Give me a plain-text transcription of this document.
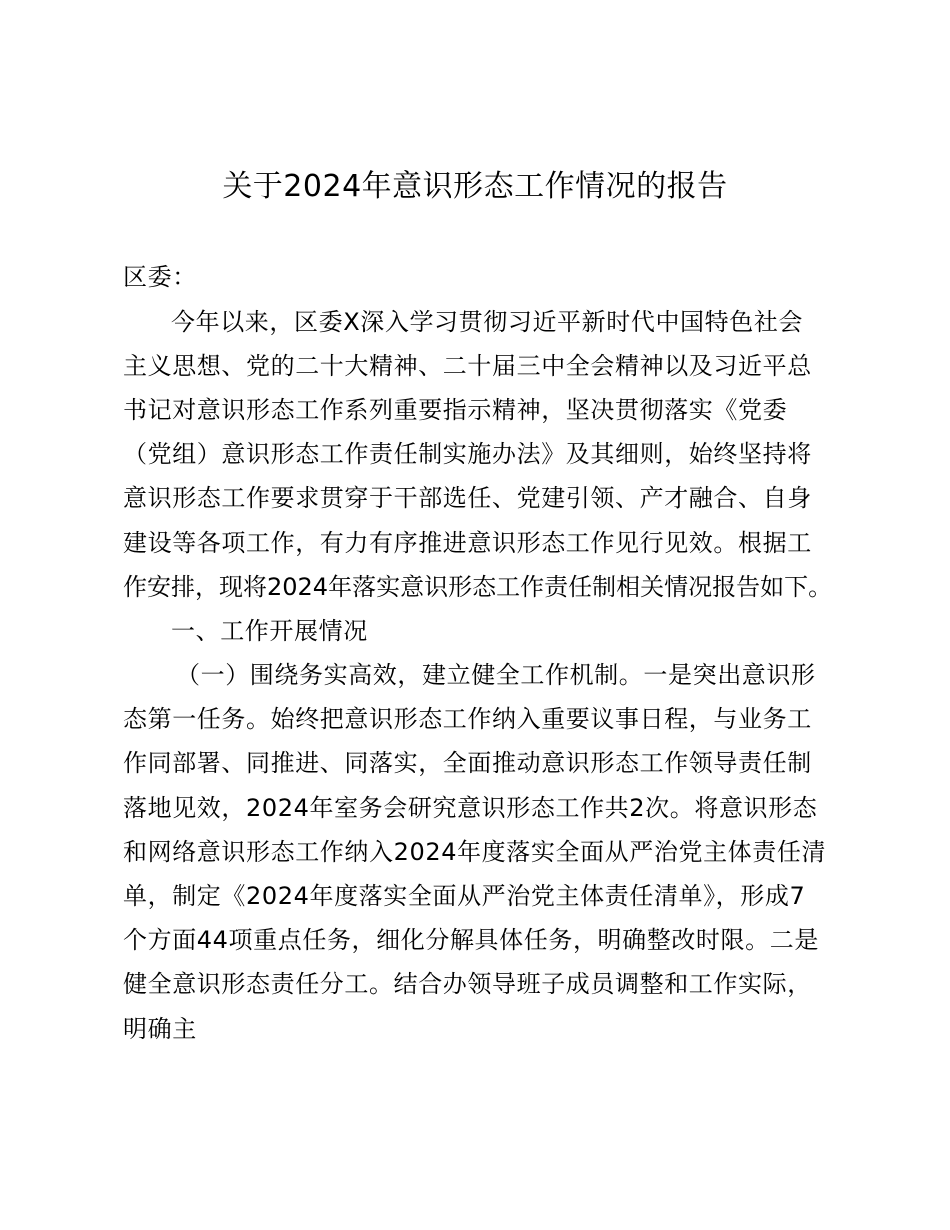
关于2024年意识形态工作情况的报告
区委：
今年以来，区委X深入学习贯彻习近平新时代中国特色社会
主义思想、党的二十大精神、二十届三中全会精神以及习近平总
书记对意识形态工作系列重要指示精神，坚决贯彻落实《党委
（党组）意识形态工作责任制实施办法》及其细则，始终坚持将
意识形态工作要求贯穿于干部选任、党建引领、产才融合、自身
建设等各项工作，有力有序推进意识形态工作见行见效。根据工
作安排，现将2024年落实意识形态工作责任制相关情况报告如下。
一、工作开展情况
（一）围绕务实高效，建立健全工作机制。一是突出意识形
态第一任务。始终把意识形态工作纳入重要议事日程，与业务工
作同部署、同推进、同落实，全面推动意识形态工作领导责任制
落地见效，2024年室务会研究意识形态工作共2次。将意识形态
和网络意识形态工作纳入2024年度落实全面从严治党主体责任清
单，制定《2024年度落实全面从严治党主体责任清单》，形成7
个方面44项重点任务，细化分解具体任务，明确整改时限。二是
健全意识形态责任分工。结合办领导班子成员调整和工作实际，
明确主
